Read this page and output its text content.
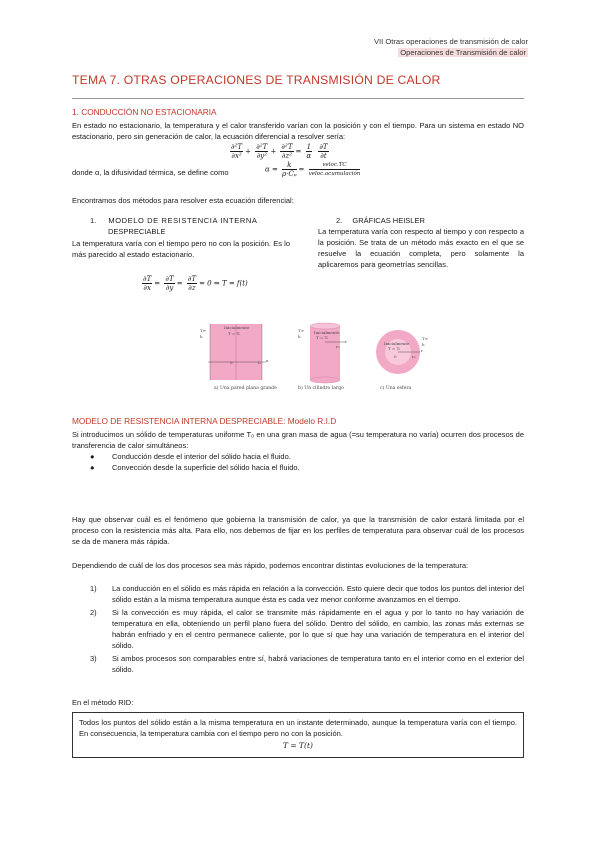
VII Otras operaciones de transmisión de calor
Operaciones de Transmisión de calor
TEMA 7. OTRAS OPERACIONES DE TRANSMISIÓN DE CALOR
1. CONDUCCIÓN NO ESTACIONARIA
En estado no estacionario, la temperatura y el calor transferido varían con la posición y con el tiempo. Para un sistema en estado NO estacionario, pero sin generación de calor, la ecuación diferencial a resolver sería:
$\frac{\text{∂²T}}{\text{∂x²}} + \frac{\text{∂²T}}{\text{∂y²}} + \frac{\text{∂²T}}{\text{∂z²}} = \frac{1}{\alpha}$
$\frac{\partial T}{\partial t}$
donde α, la difusividad térmica, se define como	$\alpha = \frac{k}{\text{ρ·Cₚ}} = \frac{\text{veloc.TC}}{\text{veloc.acumulación}}$
Encontramos dos métodos para resolver esta ecuación diferencial:
1. MODELO DE RESISTENCIA INTERNA
DESPRECIABLE
La temperatura varía con el tiempo pero no con la posición. Es lo más parecido al estado estacionario.
$\frac{\partial T}{\partial x} = \frac{\partial T}{\partial y} = \frac{\partial T}{\partial z} = 0$ ⇒ T = f(t)
2. GRÁFICAS HEISLER
La temperatura varía con respecto al tiempo y con respecto a la posición. Se trata de un método más exacto en el que se resuelve la ecuación completa, pero solamente la aplicaremos para geometrías sencillas.
Inicialmente
T = Tᵢ
T∞
h
0	L x
Inicialmente
T = Tᵢ
T∞
h
r₀
r	Inicialmente
T = Tᵢ
T∞
h
0	r₀
r
a) Una pared plana grande	b) Un cilindro largo	c) Una esfera
MODELO DE RESISTENCIA INTERNA DESPRECIABLE: Modelo R.I.D
Si introducimos un sólido de temperaturas uniforme T₀ en una gran masa de agua (=su temperatura no varía) ocurren dos procesos de transferencia de calor simultáneos:
● Conducción desde el interior del sólido hacia el fluido.
● Convección desde la superficie del sólido hacia el fluido.
Hay que observar cuál es el fenómeno que gobierna la transmisión de calor, ya que la transmisión de calor estará limitada por el proceso con la resistencia más alta. Para ello, nos debemos de fijar en los perfiles de temperatura para observar cuál de los procesos se da de manera más rápida.
Dependiendo de cuál de los dos procesos sea más rápido, podemos encontrar distintas evoluciones de la temperatura:
1) La conducción en el sólido es más rápida en relación a la convección. Esto quiere decir que todos los puntos del interior del sólido están a la misma temperatura aunque ésta es cada vez menor conforme avanzamos en el tiempo.
2) Si la convección es muy rápida, el calor se transmite más rápidamente en el agua y por lo tanto no hay variación de temperatura en ella, obteniendo un perfil plano fuera del sólido. Dentro del sólido, en cambio, las zonas más externas se habrán enfriado y en el centro permanece caliente, por lo que sí que hay una variación de temperatura en el interior del sólido.
3) Si ambos procesos son comparables entre sí, habrá variaciones de temperatura tanto en el interior como en el exterior del sólido.
En el método RID:
Todos los puntos del sólido están a la misma temperatura en un instante determinado, aunque la temperatura varía con el tiempo. En consecuencia, la temperatura cambia con el tiempo pero no con la posición.
T = T(t)
